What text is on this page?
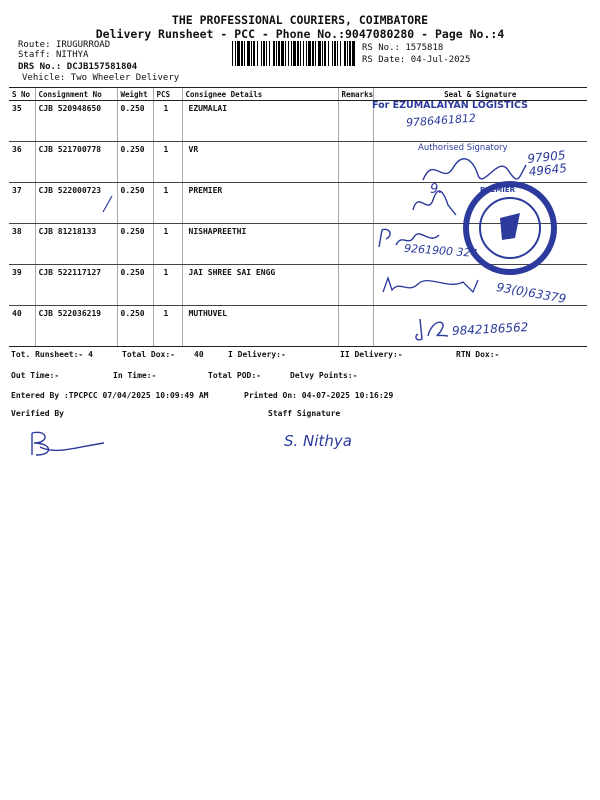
THE PROFESSIONAL COURIERS, COIMBATORE
Delivery Runsheet - PCC - Phone No.:9047080280 - Page No.:4
Route: IRUGURROAD
Staff: NITHYA
DRS No.: DCJB157581804
Vehicle: Two Wheeler Delivery
RS No.: 1575818
RS Date: 04-Jul-2025
S No	Consignment No	Weight	PCS	Consignee Details	Remarks	Seal & Signature
35	CJB 520948650	0.250	1	EZUMALAI		
36	CJB 521700778	0.250	1	VR		
37	CJB 522000723	0.250	1	PREMIER		
38	CJB 81218133	0.250	1	NISHAPREETHI		
39	CJB 522117127	0.250	1	JAI SHREE SAI ENGG		
40	CJB 522036219	0.250	1	MUTHUVEL		
For EZUMALAIYAN LOGISTICS
9786461812
Authorised Signatory
97905 49645
PREMIER
9.
9261900 324
93(0)63379
9842186562
Tot. Runsheet:- 4	Total Dox:- 40	I Delivery:-	II Delivery:-	RTN Dox:-
Out Time:-	In Time:-	Total POD:-	Delvy Points:-
Entered By :TPCPCC 07/04/2025 10:09:49 AM	Printed On: 04-07-2025 10:16:29
Verified By	Staff Signature
S. Nithya
